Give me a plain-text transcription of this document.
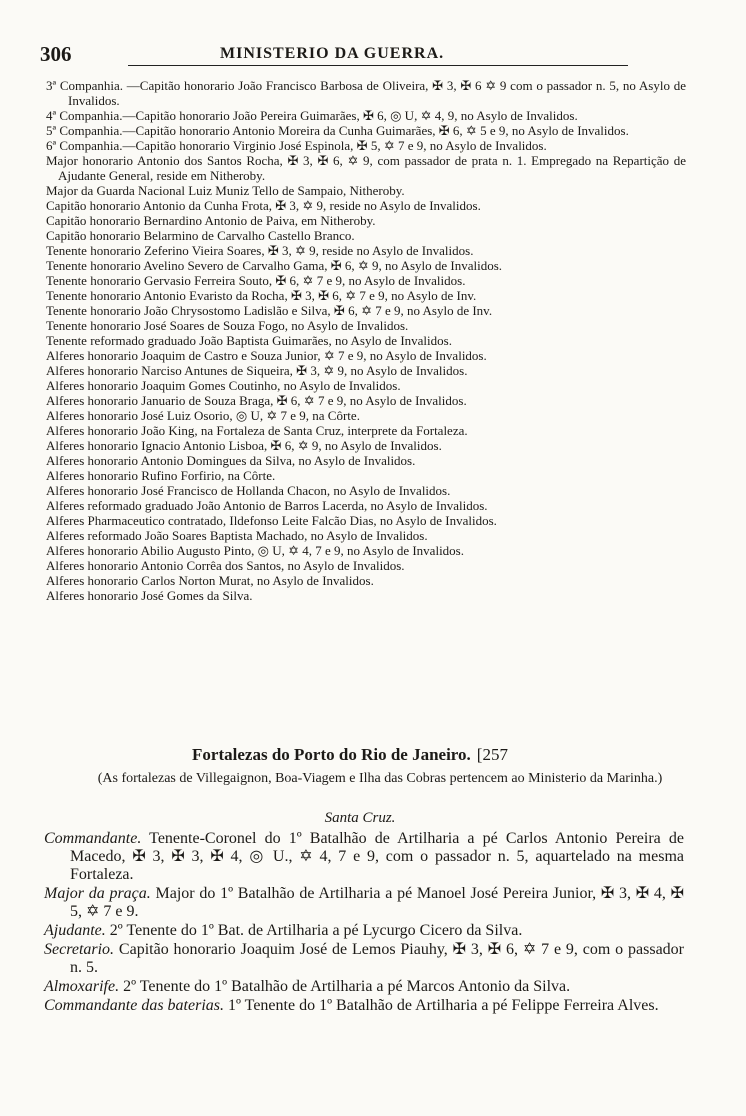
306	MINISTERIO DA GUERRA.
3ª Companhia. —Capitão honorario João Francisco Barbosa de Oliveira, ✠ 3, ✠ 6 ✡ 9 com o passador n. 5, no Asylo de Invalidos.
4ª Companhia.—Capitão honorario João Pereira Guimarães, ✠ 6, ◎ U, ✡ 4, 9, no Asylo de Invalidos.
5ª Companhia.—Capitão honorario Antonio Moreira da Cunha Guimarães, ✠ 6, ✡ 5 e 9, no Asylo de Invalidos.
6ª Companhia.—Capitão honorario Virginio José Espinola, ✠ 5, ✡ 7 e 9, no Asylo de Invalidos.
Major honorario Antonio dos Santos Rocha, ✠ 3, ✠ 6, ✡ 9, com passador de prata n. 1. Empregado na Repartição de Ajudante General, reside em Nitheroby.
Major da Guarda Nacional Luiz Muniz Tello de Sampaio, Nitheroby.
Capitão honorario Antonio da Cunha Frota, ✠ 3, ✡ 9, reside no Asylo de Invalidos.
Capitão honorario Bernardino Antonio de Paiva, em Nitheroby.
Capitão honorario Belarmino de Carvalho Castello Branco.
Tenente honorario Zeferino Vieira Soares, ✠ 3, ✡ 9, reside no Asylo de Invalidos.
Tenente honorario Avelino Severo de Carvalho Gama, ✠ 6, ✡ 9, no Asylo de Invalidos.
Tenente honorario Gervasio Ferreira Souto, ✠ 6, ✡ 7 e 9, no Asylo de Invalidos.
Tenente honorario Antonio Evaristo da Rocha, ✠ 3, ✠ 6, ✡ 7 e 9, no Asylo de Inv.
Tenente honorario João Chrysostomo Ladislão e Silva, ✠ 6, ✡ 7 e 9, no Asylo de Inv.
Tenente honorario José Soares de Souza Fogo, no Asylo de Invalidos.
Tenente reformado graduado João Baptista Guimarães, no Asylo de Invalidos.
Alferes honorario Joaquim de Castro e Souza Junior, ✡ 7 e 9, no Asylo de Invalidos.
Alferes honorario Narciso Antunes de Siqueira, ✠ 3, ✡ 9, no Asylo de Invalidos.
Alferes honorario Joaquim Gomes Coutinho, no Asylo de Invalidos.
Alferes honorario Januario de Souza Braga, ✠ 6, ✡ 7 e 9, no Asylo de Invalidos.
Alferes honorario José Luiz Osorio, ◎ U, ✡ 7 e 9, na Côrte.
Alferes honorario João King, na Fortaleza de Santa Cruz, interprete da Fortaleza.
Alferes honorario Ignacio Antonio Lisboa, ✠ 6, ✡ 9, no Asylo de Invalidos.
Alferes honorario Antonio Domingues da Silva, no Asylo de Invalidos.
Alferes honorario Rufino Forfirio, na Côrte.
Alferes honorario José Francisco de Hollanda Chacon, no Asylo de Invalidos.
Alferes reformado graduado João Antonio de Barros Lacerda, no Asylo de Invalidos.
Alferes Pharmaceutico contratado, Ildefonso Leite Falcão Dias, no Asylo de Invalidos.
Alferes reformado João Soares Baptista Machado, no Asylo de Invalidos.
Alferes honorario Abilio Augusto Pinto, ◎ U, ✡ 4, 7 e 9, no Asylo de Invalidos.
Alferes honorario Antonio Corrêa dos Santos, no Asylo de Invalidos.
Alferes honorario Carlos Norton Murat, no Asylo de Invalidos.
Alferes honorario José Gomes da Silva.
Fortalezas do Porto do Rio de Janeiro. [257
(As fortalezas de Villegaignon, Boa-Viagem e Ilha das Cobras pertencem ao Ministerio da Marinha.)
Santa Cruz.
Commandante. Tenente-Coronel do 1º Batalhão de Artilharia a pé Carlos Antonio Pereira de Macedo, ✠ 3, ✠ 3, ✠ 4, ◎ U., ✡ 4, 7 e 9, com o passador n. 5, aquartelado na mesma Fortaleza.
Major da praça. Major do 1º Batalhão de Artilharia a pé Manoel José Pereira Junior, ✠ 3, ✠ 4, ✠ 5, ✡ 7 e 9.
Ajudante. 2º Tenente do 1º Bat. de Artilharia a pé Lycurgo Cicero da Silva.
Secretario. Capitão honorario Joaquim José de Lemos Piauhy, ✠ 3, ✠ 6, ✡ 7 e 9, com o passador n. 5.
Almoxarife. 2º Tenente do 1º Batalhão de Artilharia a pé Marcos Antonio da Silva.
Commandante das baterias. 1º Tenente do 1º Batalhão de Artilharia a pé Felippe Ferreira Alves.
